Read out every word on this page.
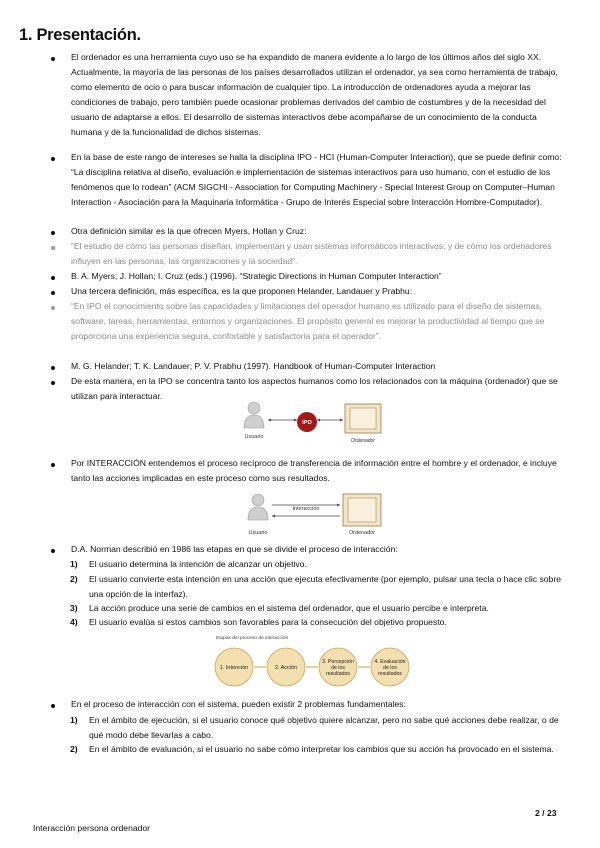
1. Presentación.
El ordenador es una herramienta cuyo uso se ha expandido de manera evidente a lo largo de los últimos años del siglo XX. Actualmente, la mayoría de las personas de los países desarrollados utilizan el ordenador, ya sea como herramienta de trabajo, como elemento de ocio o para buscar información de cualquier tipo. La introducción de ordenadores ayuda a mejorar las condiciones de trabajo, pero también puede ocasionar problemas derivados del cambio de costumbres y de la necesidad del usuario de adaptarse a ellos. El desarrollo de sistemas interactivos debe acompañarse de un conocimiento de la conducta humana y de la funcionalidad de dichos sistemas.
En la base de este rango de intereses se halla la disciplina IPO - HCI (Human-Computer Interaction), que se puede definir como: “La disciplina relativa al diseño, evaluación e implementación de sistemas interactivos para uso humano, con el estudio de los fenómenos que lo rodean” (ACM SIGCHI - Association for Computing Machinery - Special Interest Group on Computer–Human Interaction - Asociación para la Maquinaria Informática - Grupo de Interés Especial sobre Interacción Hombre-Computador).
Otra definición similar es la que ofrecen Myers, Hollan y Cruz:
“El estudio de cómo las personas diseñan, implementan y usan sistemas informáticos interactivos; y de cómo los ordenadores influyen en las personas, las organizaciones y la sociedad”.
B. A. Myers; J. Hollan; I. Cruz (eds.) (1996). “Strategic Directions in Human Computer Interaction”
Una tercera definición, más específica, es la que proponen Helander, Landauer y Prabhu:
“En IPO el conocimiento sobre las capacidades y limitaciones del operador humano es utilizado para el diseño de sistemas, software, tareas, herramientas, entornos y organizaciones. El propósito general es mejorar la productividad al tiempo que se proporciona una experiencia segura, confortable y satisfactoria para el operador”.
M. G. Helander; T. K. Landauer; P. V. Prabhu (1997). Handbook of Human-Computer Interaction
De esta manera, en la IPO se concentra tanto los aspectos humanos como los relacionados con la máquina (ordenador) que se utilizan para interactuar.
Usuario
IPO
Ordenador
Por INTERACCIÓN entendemos el proceso recíproco de transferencia de información entre el hombre y el ordenador, e incluye tanto las acciones implicadas en este proceso como sus resultados.
Usuario
Interacción
Ordenador
D.A. Norman describió en 1986 las etapas en que se divide el proceso de interacción:
1) El usuario determina la intención de alcanzar un objetivo.
2) El usuario convierte esta intención en una acción que ejecuta efectivamente (por ejemplo, pulsar una tecla o hace clic sobre una opción de la interfaz).
3) La acción produce una serie de cambios en el sistema del ordenador, que el usuario percibe e interpreta.
4) El usuario evalúa si estos cambios son favorables para la consecución del objetivo propuesto.
Etapas del proceso de interacción
1. Intención	2. Acción
3. Percepción
de los
resultados
4. Evaluación
de los
resultados
En el proceso de interacción con el sistema, pueden existir 2 problemas fundamentales:
1) En el ámbito de ejecución, si el usuario conoce qué objetivo quiere alcanzar, pero no sabe qué acciones debe realizar, o de qué modo debe llevarlas a cabo.
2) En el ámbito de evaluación, si el usuario no sabe cómo interpretar los cambios que su acción ha provocado en el sistema.
2 / 23
Interacción persona ordenador
